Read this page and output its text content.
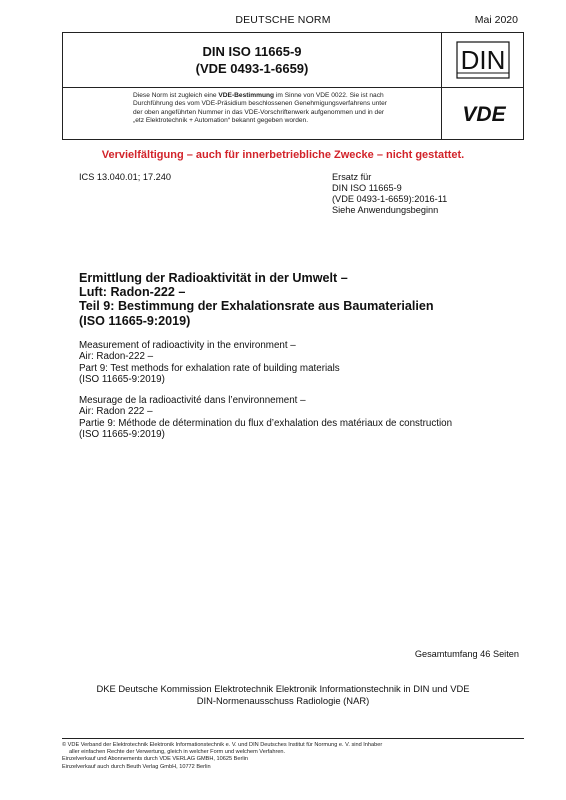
DEUTSCHE NORM	Mai 2020
DIN ISO 11665-9
(VDE 0493-1-6659)	DIN
Diese Norm ist zugleich eine VDE-Bestimmung im Sinne von VDE 0022. Sie ist nach
Durchführung des vom VDE-Präsidium beschlossenen Genehmigungsverfahrens unter
der oben angeführten Nummer in das VDE-Vorschriftenwerk aufgenommen und in der
„etz Elektrotechnik + Automation“ bekannt gegeben worden.	VDE
Vervielfältigung – auch für innerbetriebliche Zwecke – nicht gestattet.
ICS 13.040.01; 17.240	Ersatz für
DIN ISO 11665-9
(VDE 0493-1-6659):2016-11
Siehe Anwendungsbeginn
Ermittlung der Radioaktivität in der Umwelt –
Luft: Radon-222 –
Teil 9: Bestimmung der Exhalationsrate aus Baumaterialien
(ISO 11665-9:2019)
Measurement of radioactivity in the environment –
Air: Radon-222 –
Part 9: Test methods for exhalation rate of building materials
(ISO 11665-9:2019)
Mesurage de la radioactivité dans l’environnement –
Air: Radon 222 –
Partie 9: Méthode de détermination du flux d’exhalation des matériaux de construction
(ISO 11665-9:2019)
Gesamtumfang 46 Seiten
DKE Deutsche Kommission Elektrotechnik Elektronik Informationstechnik in DIN und VDE
DIN-Normenausschuss Radiologie (NAR)
© VDE Verband der Elektrotechnik Elektronik Informationstechnik e. V. und DIN Deutsches Institut für Normung e. V. sind Inhaber
aller einfachen Rechte der Verwertung, gleich in welcher Form und welchem Verfahren.
Einzelverkauf und Abonnements durch VDE VERLAG GMBH, 10625 Berlin
Einzelverkauf auch durch Beuth Verlag GmbH, 10772 Berlin
